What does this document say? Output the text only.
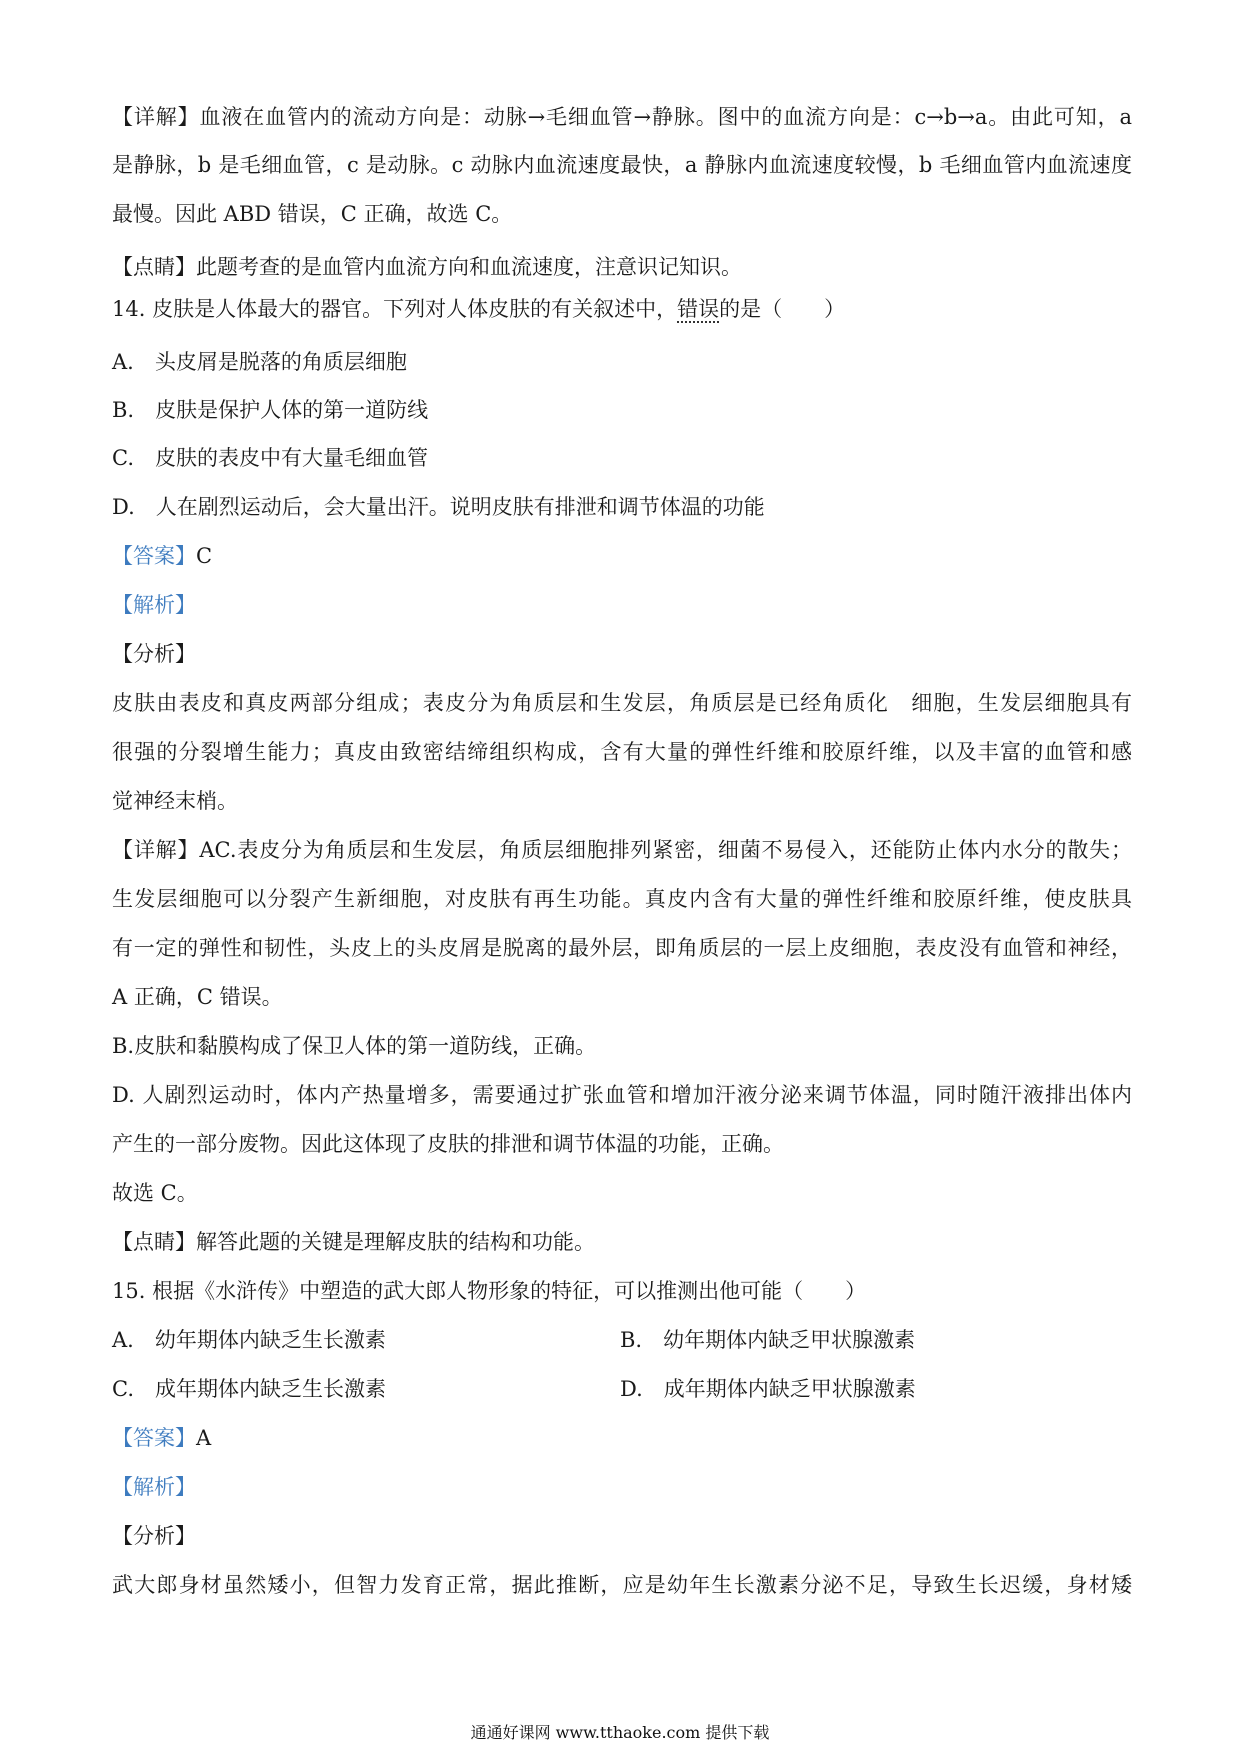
【详解】血液在血管内的流动方向是：动脉→毛细血管→静脉。图中的血流方向是：c→b→a。由此可知，a
是静脉，b 是毛细血管，c 是动脉。c 动脉内血流速度最快，a 静脉内血流速度较慢，b 毛细血管内血流速度
最慢。因此 ABD 错误，C 正确，故选 C。
【点睛】此题考查的是血管内血流方向和血流速度，注意识记知识。
14. 皮肤是人体最大的器官。下列对人体皮肤的有关叙述中，错误的是（　　）
A.　头皮屑是脱落的角质层细胞
B.　皮肤是保护人体的第一道防线
C.　皮肤的表皮中有大量毛细血管
D.　人在剧烈运动后，会大量出汗。说明皮肤有排泄和调节体温的功能
【答案】C
【解析】
【分析】
皮肤由表皮和真皮两部分组成；表皮分为角质层和生发层，角质层是已经角质化　细胞，生发层细胞具有
很强的分裂增生能力；真皮由致密结缔组织构成，含有大量的弹性纤维和胶原纤维，以及丰富的血管和感
觉神经末梢。
【详解】AC.表皮分为角质层和生发层，角质层细胞排列紧密，细菌不易侵入，还能防止体内水分的散失；
生发层细胞可以分裂产生新细胞，对皮肤有再生功能。真皮内含有大量的弹性纤维和胶原纤维，使皮肤具
有一定的弹性和韧性，头皮上的头皮屑是脱离的最外层，即角质层的一层上皮细胞，表皮没有血管和神经，
A 正确，C 错误。
B.皮肤和黏膜构成了保卫人体的第一道防线，正确。
D. 人剧烈运动时，体内产热量增多，需要通过扩张血管和增加汗液分泌来调节体温，同时随汗液排出体内
产生的一部分废物。因此这体现了皮肤的排泄和调节体温的功能，正确。
故选 C。
【点睛】解答此题的关键是理解皮肤的结构和功能。
15. 根据《水浒传》中塑造的武大郎人物形象的特征，可以推测出他可能（　　）
A.　幼年期体内缺乏生长激素	B.　幼年期体内缺乏甲状腺激素
C.　成年期体内缺乏生长激素	D.　成年期体内缺乏甲状腺激素
【答案】A
【解析】
【分析】
武大郎身材虽然矮小，但智力发育正常，据此推断，应是幼年生长激素分泌不足，导致生长迟缓，身材矮
通通好课网 www.tthaoke.com 提供下载
